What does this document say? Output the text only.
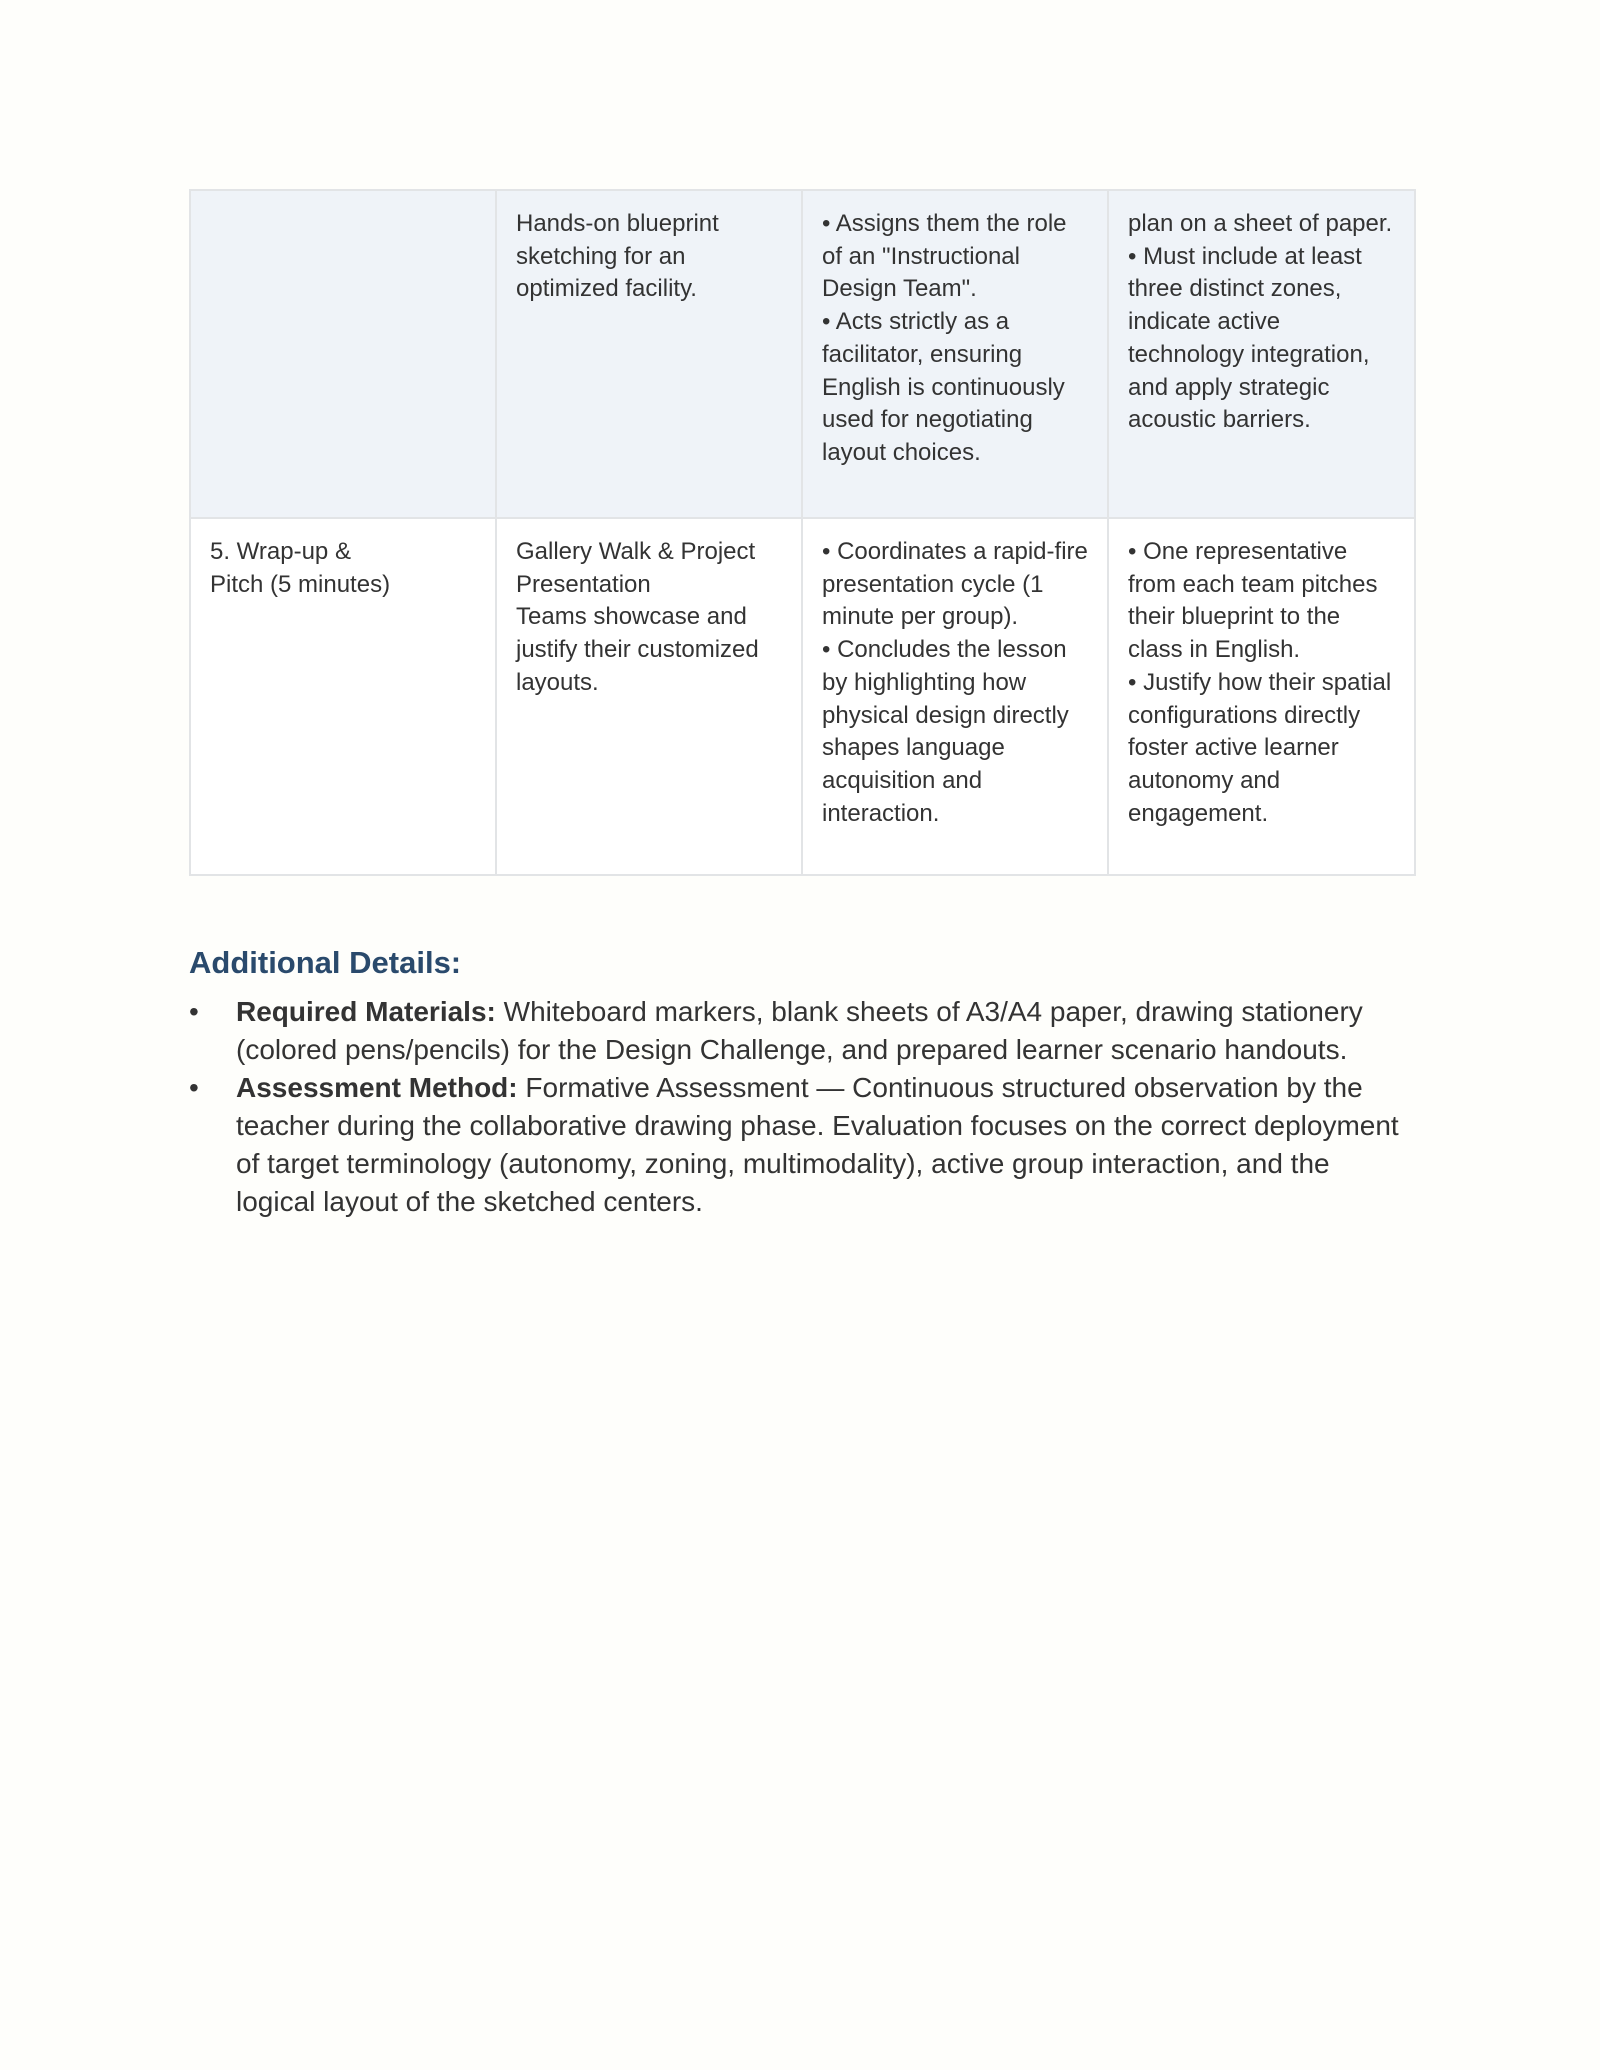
	Hands-on blueprint sketching for an optimized facility.	• Assigns them the role of an "Instructional Design Team".
• Acts strictly as a facilitator, ensuring English is continuously used for negotiating layout choices.	plan on a sheet of paper.
• Must include at least three distinct zones, indicate active technology integration, and apply strategic acoustic barriers.

5. Wrap-up & Pitch (5 minutes)	Gallery Walk & Project Presentation
Teams showcase and justify their customized layouts.	• Coordinates a rapid-fire presentation cycle (1 minute per group).
• Concludes the lesson by highlighting how physical design directly shapes language acquisition and interaction.	• One representative from each team pitches their blueprint to the class in English.
• Justify how their spatial configurations directly foster active learner autonomy and engagement.
Additional Details:
•	Required Materials: Whiteboard markers, blank sheets of A3/A4 paper, drawing stationery (colored pens/pencils) for the Design Challenge, and prepared learner scenario handouts.
•	Assessment Method: Formative Assessment — Continuous structured observation by the teacher during the collaborative drawing phase. Evaluation focuses on the correct deployment of target terminology (autonomy, zoning, multimodality), active group interaction, and the logical layout of the sketched centers.
